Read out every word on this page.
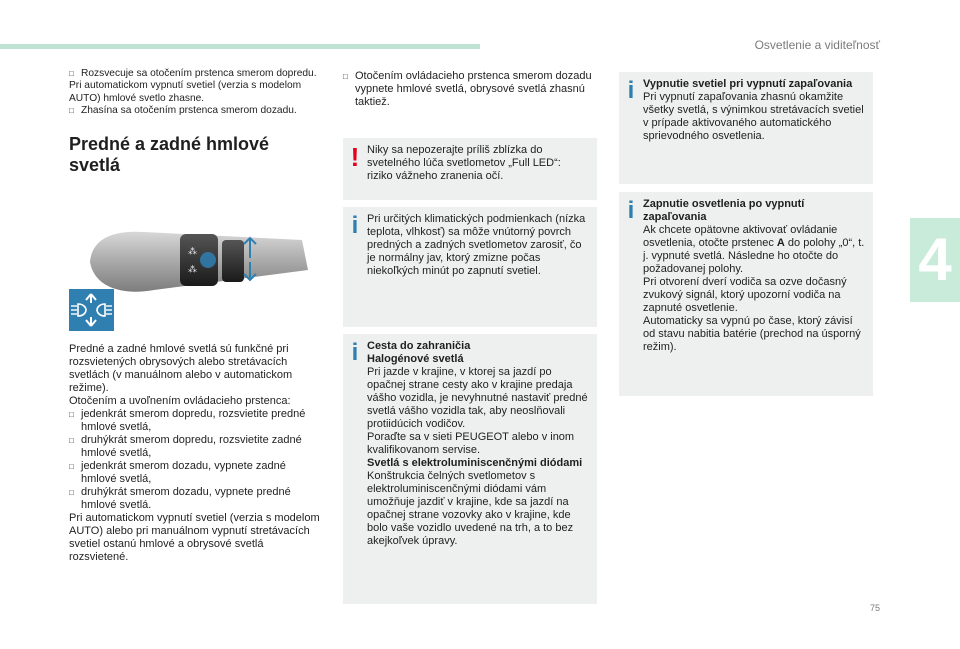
Osvetlenie a viditeľnosť
4
75
□ Rozsvecuje sa otočením prstenca smerom dopredu.
Pri automatickom vypnutí svetiel (verzia s modelom AUTO) hmlové svetlo zhasne.
□ Zhasína sa otočením prstenca smerom dozadu.
Predné a zadné hmlové
svetlá
⁂
⁂
Predné a zadné hmlové svetlá sú funkčné pri rozsvietených obrysových alebo stretávacích svetlách (v manuálnom alebo v automatickom režime).
Otočením a uvoľnením ovládacieho prstenca:
□ jedenkrát smerom dopredu, rozsvietite predné hmlové svetlá,
□ druhýkrát smerom dopredu, rozsvietite zadné hmlové svetlá,
□ jedenkrát smerom dozadu, vypnete zadné hmlové svetlá,
□ druhýkrát smerom dozadu, vypnete predné hmlové svetlá.
Pri automatickom vypnutí svetiel (verzia s modelom AUTO) alebo pri manuálnom vypnutí stretávacích svetiel ostanú hmlové a obrysové svetlá rozsvietené.
□ Otočením ovládacieho prstenca smerom dozadu vypnete hmlové svetlá, obrysové svetlá zhasnú taktiež.
! Niky sa nepozerajte príliš zblízka do svetelného lúča svetlometov „Full LED“: riziko vážneho zranenia očí.
i Pri určitých klimatických podmienkach (nízka teplota, vlhkosť) sa môže vnútorný povrch predných a zadných svetlometov zarosiť, čo je normálny jav, ktorý zmizne počas niekoľkých minút po zapnutí svetiel.
i Cesta do zahraničia
Halogénové svetlá
Pri jazde v krajine, v ktorej sa jazdí po opačnej strane cesty ako v krajine predaja vášho vozidla, je nevyhnutné nastaviť predné svetlá vášho vozidla tak, aby neoslňovali protiidúcich vodičov.
Poraďte sa v sieti PEUGEOT alebo v inom kvalifikovanom servise.
Svetlá s elektroluminiscenčnými diódami
Konštrukcia čelných svetlometov s elektroluminiscenčnými diódami vám umožňuje jazdiť v krajine, kde sa jazdí na opačnej strane vozovky ako v krajine, kde bolo vaše vozidlo uvedené na trh, a to bez akejkoľvek úpravy.
i Vypnutie svetiel pri vypnutí zapaľovania
Pri vypnutí zapaľovania zhasnú okamžite všetky svetlá, s výnimkou stretávacích svetiel v prípade aktivovaného automatického sprievodného osvetlenia.
i Zapnutie osvetlenia po vypnutí zapaľovania
Ak chcete opätovne aktivovať ovládanie osvetlenia, otočte prstenec A do polohy „0“, t. j. vypnuté svetlá. Následne ho otočte do požadovanej polohy.
Pri otvorení dverí vodiča sa ozve dočasný zvukový signál, ktorý upozorní vodiča na zapnuté osvetlenie.
Automaticky sa vypnú po čase, ktorý závisí od stavu nabitia batérie (prechod na úsporný režim).
